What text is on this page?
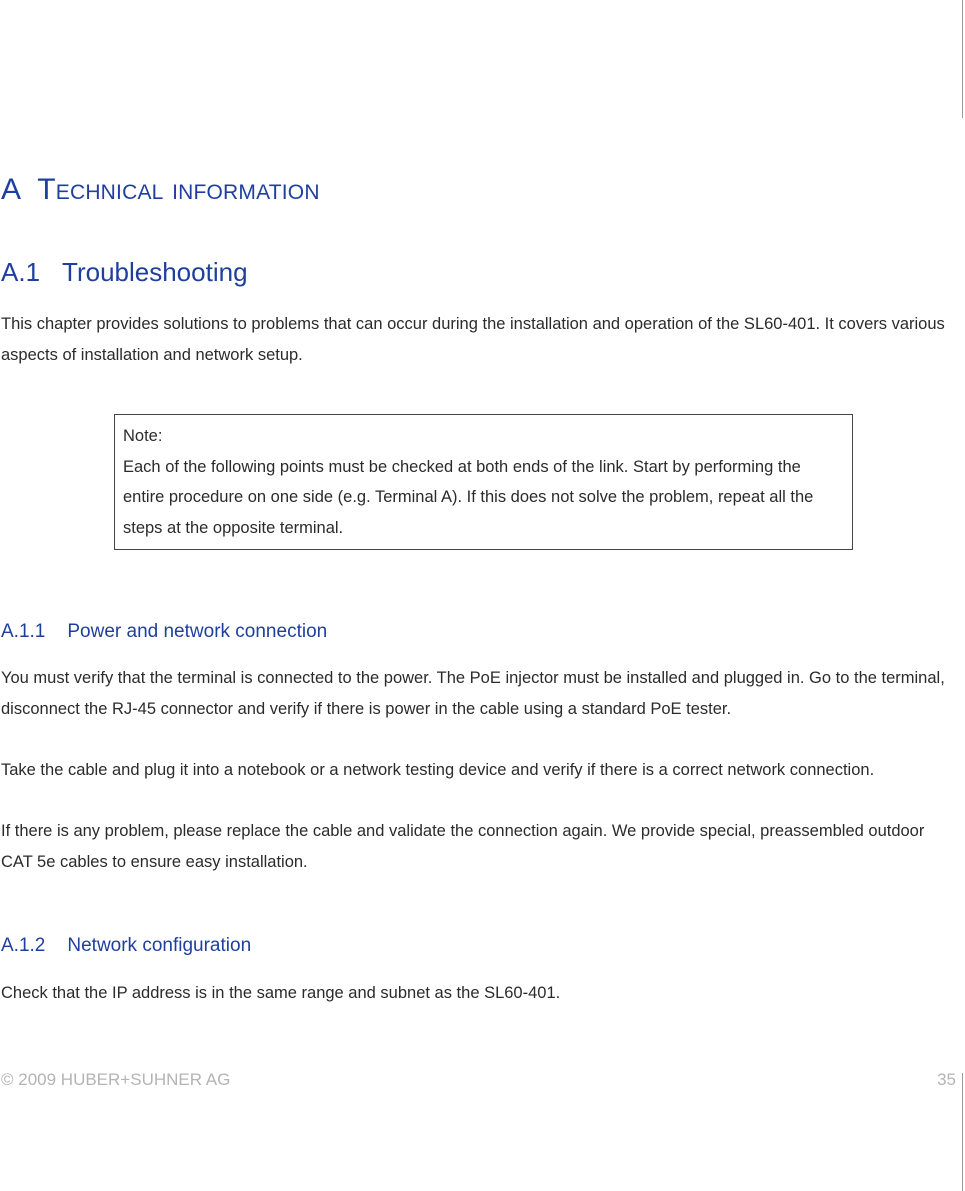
A Technical information
A.1 Troubleshooting

This chapter provides solutions to problems that can occur during the installation and operation of the SL60-401. It covers various aspects of installation and network setup.

Note:

Each of the following points must be checked at both ends of the link. Start by performing the entire procedure on one side (e.g. Terminal A). If this does not solve the problem, repeat all the steps at the opposite terminal.

A.1.1 Power and network connection

You must verify that the terminal is connected to the power. The PoE injector must be installed and plugged in. Go to the terminal, disconnect the RJ-45 connector and verify if there is power in the cable using a standard PoE tester.

Take the cable and plug it into a notebook or a network testing device and verify if there is a correct network connection.

If there is any problem, please replace the cable and validate the connection again. We provide special, preassembled outdoor CAT 5e cables to ensure easy installation.

A.1.2 Network configuration

Check that the IP address is in the same range and subnet as the SL60-401.

© 2009 HUBER+SUHNER AG	35
